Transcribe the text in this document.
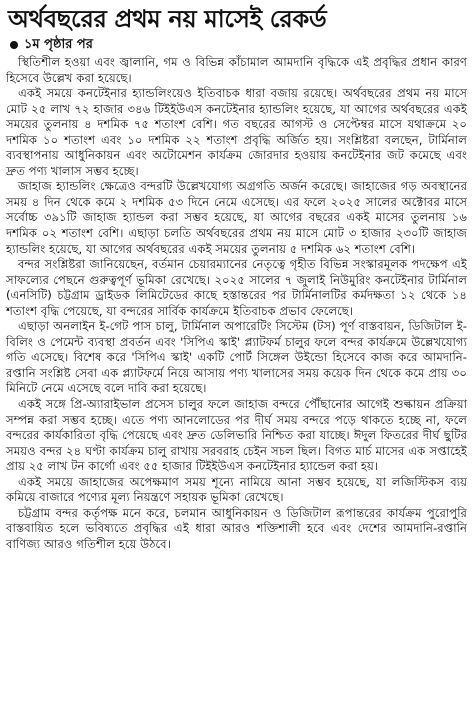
অর্থবছরের প্রথম নয় মাসেই রেকর্ড
১ম পৃষ্ঠার পর

স্থিতিশীল হওয়া এবং জ্বালানি, গম ও বিভিন্ন কাঁচামাল আমদানি বৃদ্ধিকে এই প্রবৃদ্ধির প্রধান কারণ হিসেবে উল্লেখ করা হয়েছে।

একই সময়ে কনটেইনার হ্যান্ডলিংয়েও ইতিবাচক ধারা বজায় রয়েছে। অর্থবছরের প্রথম নয় মাসে মোট ২৫ লাখ ৭২ হাজার ৩৪৬ টিইইউএস কনটেইনার হ্যান্ডলিং হয়েছে, যা আগের অর্থবছরের একই সময়ের তুলনায় ৪ দশমিক ৭৫ শতাংশ বেশি। গত বছরের আগস্ট ও সেপ্টেম্বর মাসে যথাক্রমে ২০ দশমিক ১০ শতাংশ এবং ১০ দশমিক ২২ শতাংশ প্রবৃদ্ধি অর্জিত হয়। সংশ্লিষ্টরা বলছেন, টার্মিনাল ব্যবস্থাপনায় আধুনিকায়ন এবং অটোমেশন কার্যক্রম জোরদার হওয়ায় কনটেইনার জট কমেছে এবং দ্রুত পণ্য খালাস সম্ভব হচ্ছে।

জাহাজ হ্যান্ডলিং ক্ষেত্রেও বন্দরটি উল্লেখযোগ্য অগ্রগতি অর্জন করেছে। জাহাজের গড় অবস্থানের সময় ৪ দিন থেকে কমে ২ দশমিক ৫৩ দিনে নেমে এসেছে। এর ফলে ২০২৫ সালের অক্টোবর মাসে সর্বোচ্চ ৩৯১টি জাহাজ হ্যান্ডল করা সম্ভব হয়েছে, যা আগের বছরের একই মাসের তুলনায় ১৬ দশমিক ০২ শতাংশ বেশি। এছাড়া চলতি অর্থবছরের প্রথম নয় মাসে মোট ৩ হাজার ২৩০টি জাহাজ হ্যান্ডলিং হয়েছে, যা আগের অর্থবছরের একই সময়ের তুলনায় ৫ দশমিক ৬২ শতাংশ বেশি।

বন্দর সংশ্লিষ্টরা জানিয়েছেন, বর্তমান চেয়ারম্যানের নেতৃত্বে গৃহীত বিভিন্ন সংস্কারমূলক পদক্ষেপ এই সাফল্যের পেছনে গুরুত্বপূর্ণ ভূমিকা রেখেছে। ২০২৫ সালের ৭ জুলাই নিউমুরিং কনটেইনার টার্মিনাল (এনসিটি) চট্টগ্রাম ড্রাইডক লিমিটেডের কাছে হস্তান্তরের পর টার্মিনালটির কর্মদক্ষতা ১২ থেকে ১৪ শতাংশ বৃদ্ধি পেয়েছে, যা বন্দরের সার্বিক কার্যক্রমে ইতিবাচক প্রভাব ফেলেছে।

এছাড়া অনলাইন ই-গেট পাস চালু, টার্মিনাল অপারেটিং সিস্টেম (টস) পূর্ণ বাস্তবায়ন, ডিজিটাল ই-বিলিং ও পেমেন্ট ব্যবস্থা প্রবর্তন এবং 'সিপিএ স্কাই' প্ল্যাটফর্ম চালুর ফলে বন্দর কার্যক্রমে উল্লেখযোগ্য গতি এসেছে। বিশেষ করে 'সিপিএ স্কাই' একটি পোর্ট সিঙ্গেল উইন্ডো হিসেবে কাজ করে আমদানি-রপ্তানি সংশ্লিষ্ট সেবা এক প্ল্যাটফর্মে নিয়ে আসায় পণ্য খালাসের সময় কয়েক দিন থেকে কমে প্রায় ৩০ মিনিটে নেমে এসেছে বলে দাবি করা হয়েছে।

একই সঙ্গে প্রি-অ্যারাইভাল প্রসেস চালুর ফলে জাহাজ বন্দরে পৌঁছানোর আগেই শুল্কায়ন প্রক্রিয়া সম্পন্ন করা সম্ভব হচ্ছে। এতে পণ্য আনলোডের পর দীর্ঘ সময় বন্দরে পড়ে থাকতে হচ্ছে না, ফলে বন্দরের কার্যকারিতা বৃদ্ধি পেয়েছে এবং দ্রুত ডেলিভারি নিশ্চিত করা যাচ্ছে। ঈদুল ফিতরের দীর্ঘ ছুটির সময়ও বন্দর ২৪ ঘণ্টা কার্যক্রম চালু রাখায় সরবরাহ চেইন সচল ছিল। বিগত মার্চ মাসের এক সপ্তাহেই প্রায় ২৫ লাখ টন কার্গো এবং ৫৫ হাজার টিইইউএস কনটেইনার হ্যান্ডেল করা হয়।

একই সময়ে জাহাজের অপেক্ষমাণ সময় শূন্যে নামিয়ে আনা সম্ভব হয়েছে, যা লজিস্টিকস ব্যয় কমিয়ে বাজারে পণ্যের মূল্য নিয়ন্ত্রণে সহায়ক ভূমিকা রেখেছে।

চট্টগ্রাম বন্দর কর্তৃপক্ষ মনে করে, চলমান আধুনিকায়ন ও ডিজিটাল রূপান্তরের কার্যক্রম পুরোপুরি বাস্তবায়িত হলে ভবিষ্যতে প্রবৃদ্ধির এই ধারা আরও শক্তিশালী হবে এবং দেশের আমদানি-রপ্তানি বাণিজ্য আরও গতিশীল হয়ে উঠবে।
